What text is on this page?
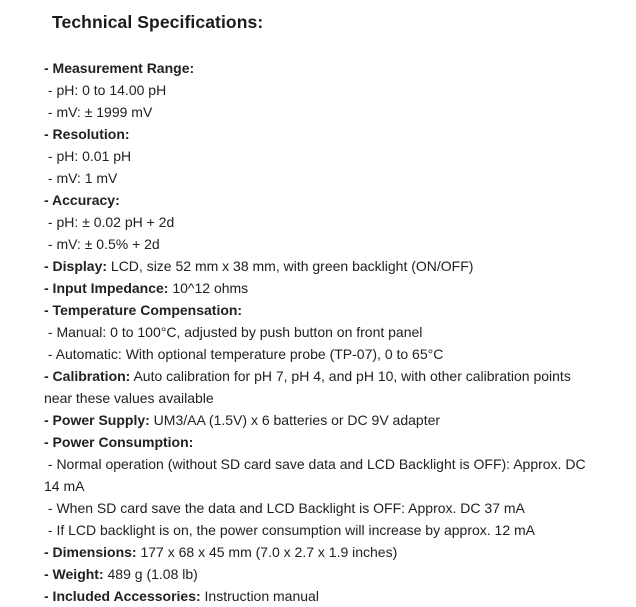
Technical Specifications:
- Measurement Range:
- pH: 0 to 14.00 pH
- mV: ± 1999 mV
- Resolution:
- pH: 0.01 pH
- mV: 1 mV
- Accuracy:
- pH: ± 0.02 pH + 2d
- mV: ± 0.5% + 2d
- Display: LCD, size 52 mm x 38 mm, with green backlight (ON/OFF)
- Input Impedance: 10^12 ohms
- Temperature Compensation:
- Manual: 0 to 100°C, adjusted by push button on front panel
- Automatic: With optional temperature probe (TP-07), 0 to 65°C
- Calibration: Auto calibration for pH 7, pH 4, and pH 10, with other calibration points near these values available
- Power Supply: UM3/AA (1.5V) x 6 batteries or DC 9V adapter
- Power Consumption:
- Normal operation (without SD card save data and LCD Backlight is OFF): Approx. DC 14 mA
- When SD card save the data and LCD Backlight is OFF: Approx. DC 37 mA
- If LCD backlight is on, the power consumption will increase by approx. 12 mA
- Dimensions: 177 x 68 x 45 mm (7.0 x 2.7 x 1.9 inches)
- Weight: 489 g (1.08 lb)
- Included Accessories: Instruction manual
